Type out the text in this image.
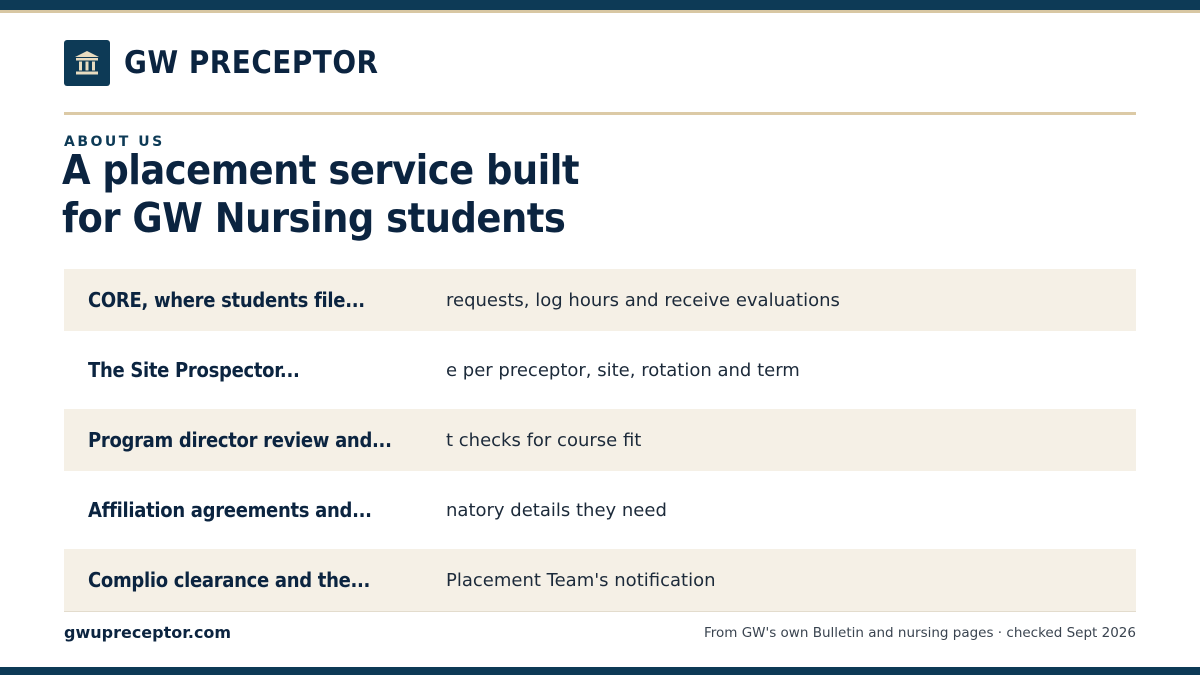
GW PRECEPTOR
ABOUT US
A placement service built
for GW Nursing students
CORE, where students file...	requests, log hours and receive evaluations
The Site Prospector...	e per preceptor, site, rotation and term
Program director review and...	t checks for course fit
Affiliation agreements and...	natory details they need
Complio clearance and the...	Placement Team's notification
gwupreceptor.com	From GW's own Bulletin and nursing pages · checked Sept 2026
